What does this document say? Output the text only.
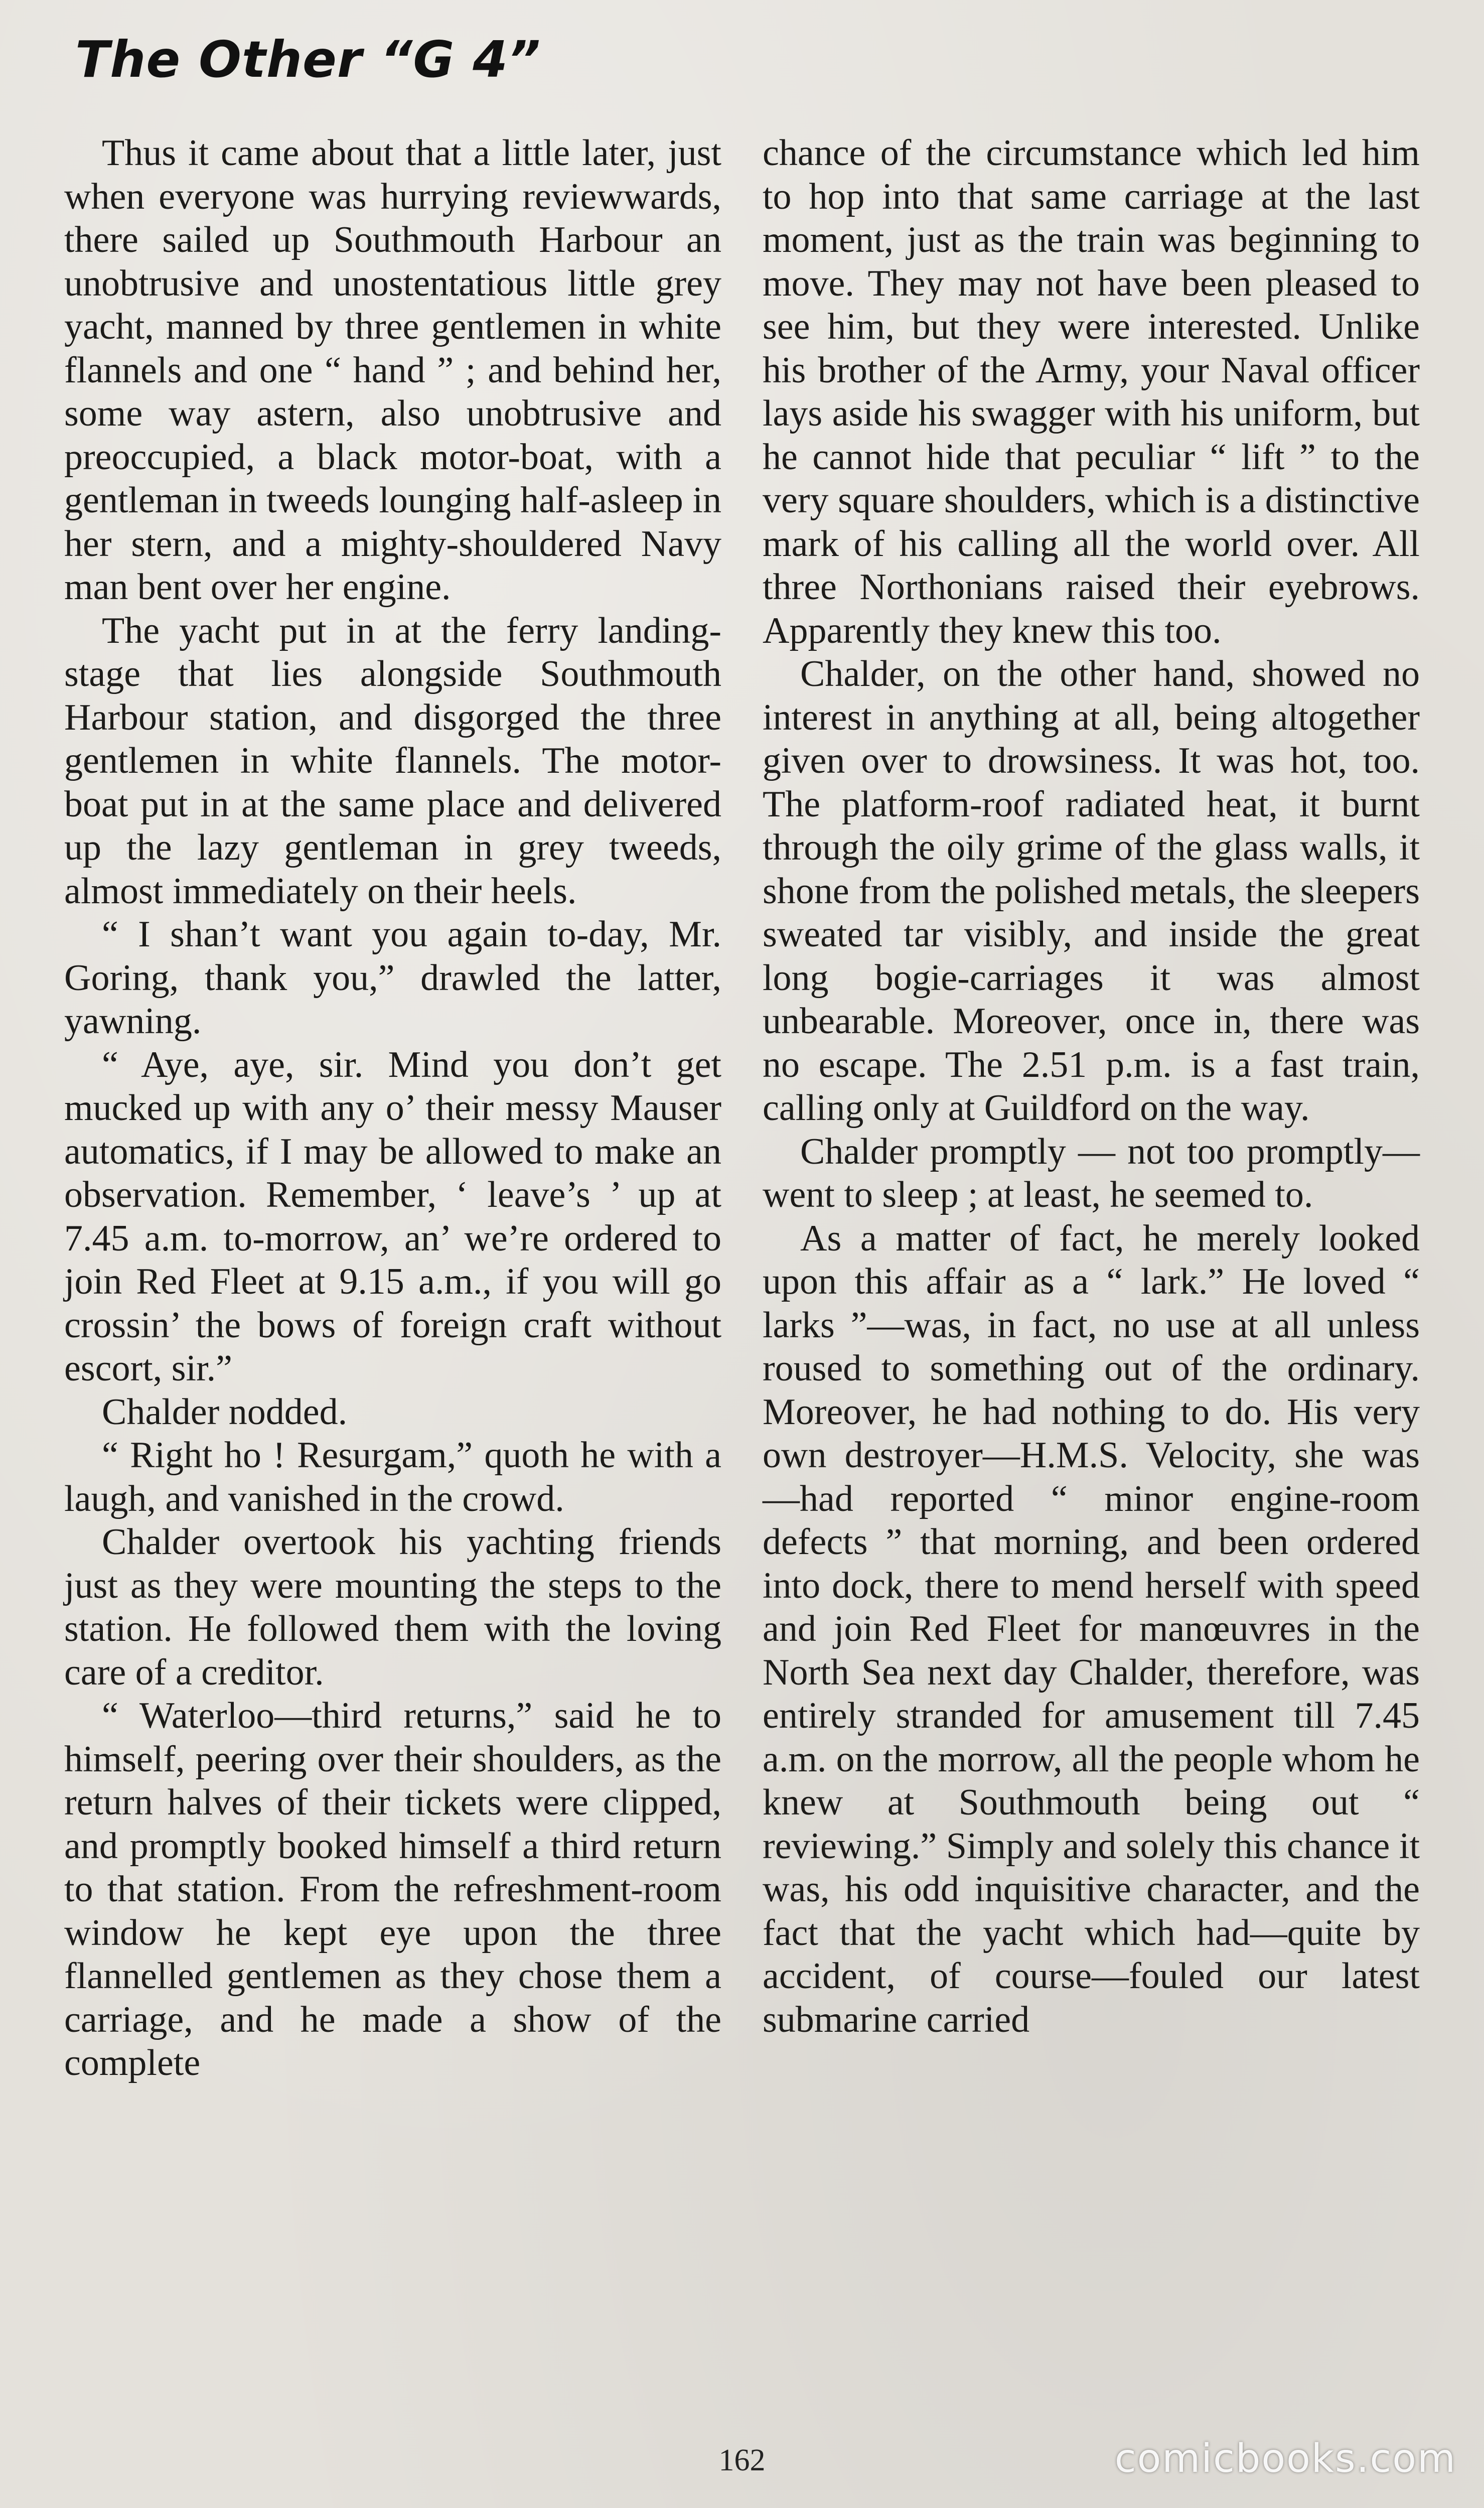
The Other “G 4”

Thus it came about that a little later, just when everyone was hurrying reviewwards, there sailed up Southmouth Harbour an unobtrusive and unostentatious little grey yacht, manned by three gentlemen in white flannels and one “ hand ” ; and behind her, some way astern, also unobtrusive and preoccupied, a black motor-boat, with a gentleman in tweeds lounging half-asleep in her stern, and a mighty-shouldered Navy man bent over her engine.

The yacht put in at the ferry landing-stage that lies alongside Southmouth Harbour station, and disgorged the three gentlemen in white flannels. The motor-boat put in at the same place and delivered up the lazy gentleman in grey tweeds, almost immediately on their heels.

“ I shan’t want you again to-day, Mr. Goring, thank you,” drawled the latter, yawning.

“ Aye, aye, sir. Mind you don’t get mucked up with any o’ their messy Mauser automatics, if I may be allowed to make an observation. Remember, ‘ leave’s ’ up at 7.45 a.m. to-morrow, an’ we’re ordered to join Red Fleet at 9.15 a.m., if you will go crossin’ the bows of foreign craft without escort, sir.”

Chalder nodded.

“ Right ho ! Resurgam,” quoth he with a laugh, and vanished in the crowd.

Chalder overtook his yachting friends just as they were mounting the steps to the station. He followed them with the loving care of a creditor.

“ Waterloo—third returns,” said he to himself, peering over their shoulders, as the return halves of their tickets were clipped, and promptly booked himself a third return to that station. From the refreshment-room window he kept eye upon the three flannelled gentlemen as they chose them a carriage, and he made a show of the complete

chance of the circumstance which led him to hop into that same carriage at the last moment, just as the train was beginning to move. They may not have been pleased to see him, but they were interested. Unlike his brother of the Army, your Naval officer lays aside his swagger with his uniform, but he cannot hide that peculiar “ lift ” to the very square shoulders, which is a distinctive mark of his calling all the world over. All three Northonians raised their eyebrows. Apparently they knew this too.

Chalder, on the other hand, showed no interest in anything at all, being altogether given over to drowsiness. It was hot, too. The platform-roof radiated heat, it burnt through the oily grime of the glass walls, it shone from the polished metals, the sleepers sweated tar visibly, and inside the great long bogie-carriages it was almost unbearable. Moreover, once in, there was no escape. The 2.51 p.m. is a fast train, calling only at Guildford on the way.

Chalder promptly — not too promptly—went to sleep ; at least, he seemed to.

As a matter of fact, he merely looked upon this affair as a “ lark.” He loved “ larks ”—was, in fact, no use at all unless roused to something out of the ordinary. Moreover, he had nothing to do. His very own destroyer—H.M.S. Velocity, she was —had reported “ minor engine-room defects ” that morning, and been ordered into dock, there to mend herself with speed and join Red Fleet for manœuvres in the North Sea next day Chalder, therefore, was entirely stranded for amusement till 7.45 a.m. on the morrow, all the people whom he knew at Southmouth being out “ reviewing.” Simply and solely this chance it was, his odd inquisitive character, and the fact that the yacht which had—quite by accident, of course—fouled our latest submarine carried

162	comicbooks.com
